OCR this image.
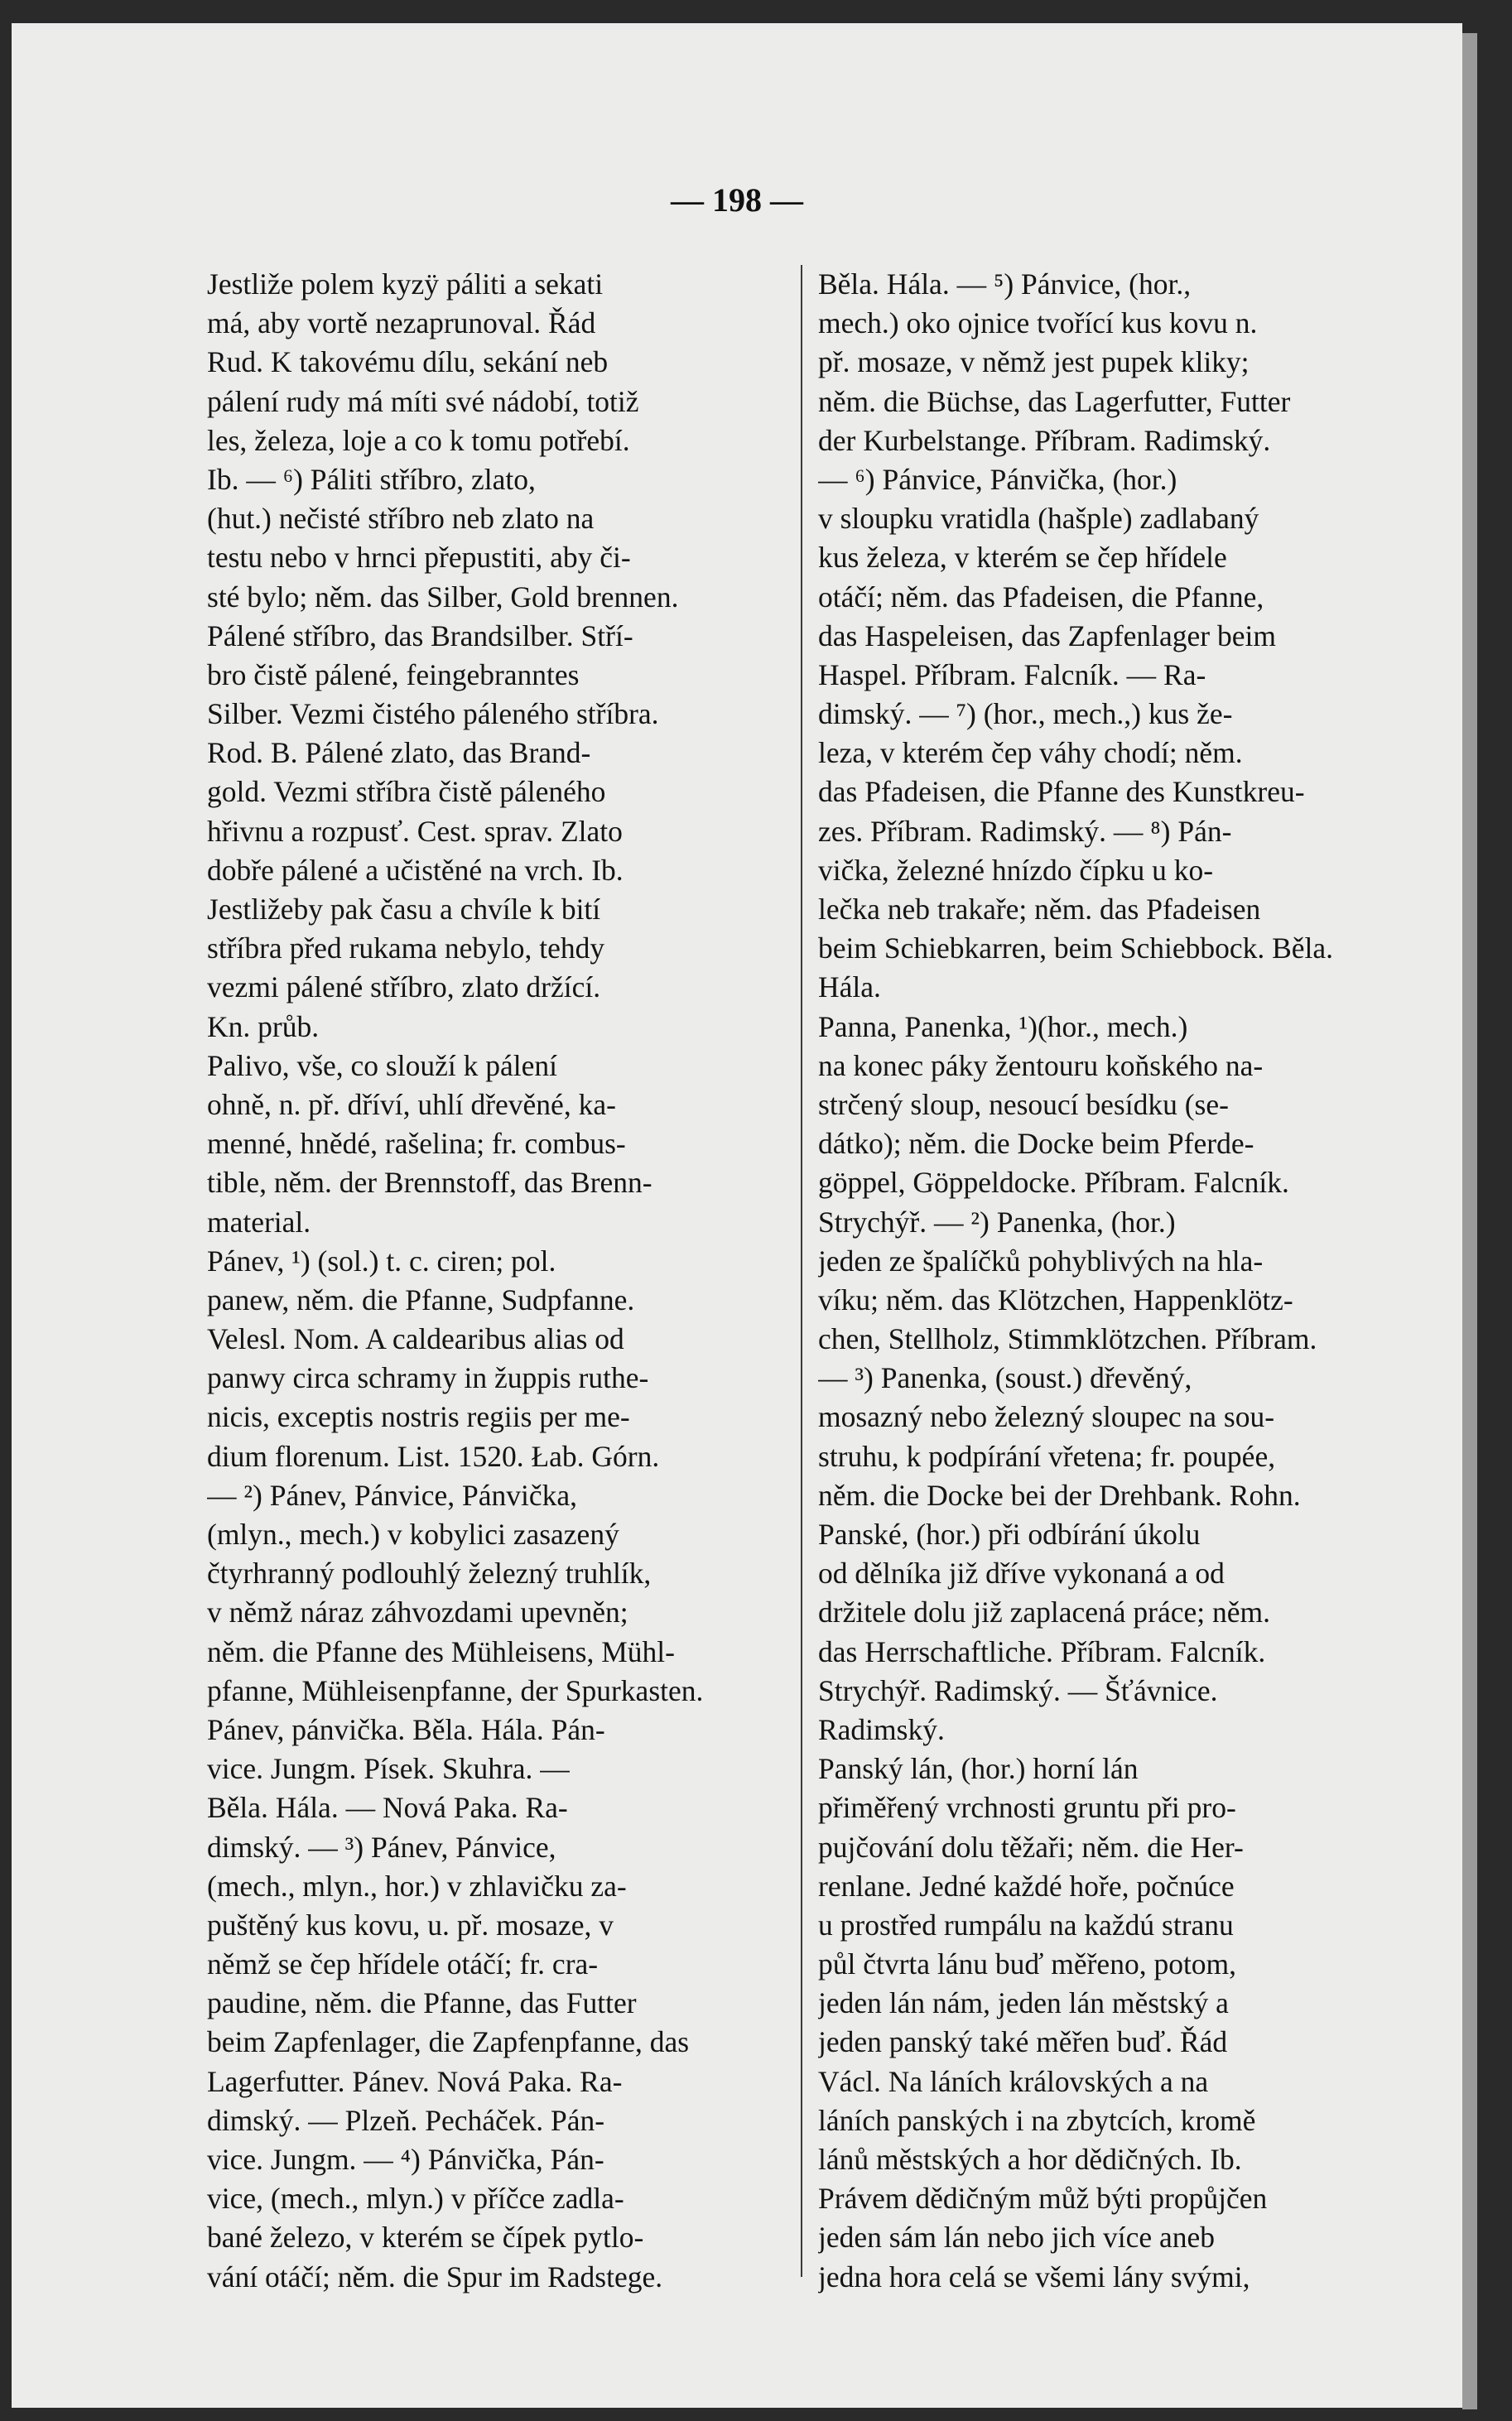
— 198 —
Jestliže polem kyzÿ páliti a sekati
má, aby vortě nezaprunoval. Řád
Rud. K takovému dílu, sekání neb
pálení rudy má míti své nádobí, totiž
les, železa, loje a co k tomu potřebí.
Ib. — ⁶) Páliti stříbro, zlato,
(hut.) nečisté stříbro neb zlato na
testu nebo v hrnci přepustiti, aby či-
sté bylo; něm. das Silber, Gold brennen.
Pálené stříbro, das Brandsilber. Stří-
bro čistě pálené, feingebranntes
Silber. Vezmi čistého páleného stříbra.
Rod. B. Pálené zlato, das Brand-
gold. Vezmi stříbra čistě páleného
hřivnu a rozpusť. Cest. sprav. Zlato
dobře pálené a učistěné na vrch. Ib.
Jestližeby pak času a chvíle k bití
stříbra před rukama nebylo, tehdy
vezmi pálené stříbro, zlato držící.
Kn. průb.
Palivo, vše, co slouží k pálení
ohně, n. př. dříví, uhlí dřevěné, ka-
menné, hnědé, rašelina; fr. combus-
tible, něm. der Brennstoff, das Brenn-
material.
Pánev, ¹) (sol.) t. c. ciren; pol.
panew, něm. die Pfanne, Sudpfanne.
Velesl. Nom. A caldearibus alias od
panwy circa schramy in župpis ruthe-
nicis, exceptis nostris regiis per me-
dium florenum. List. 1520. Łab. Górn.
— ²) Pánev, Pánvice, Pánvička,
(mlyn., mech.) v kobylici zasazený
čtyrhranný podlouhlý železný truhlík,
v němž náraz záhvozdami upevněn;
něm. die Pfanne des Mühleisens, Mühl-
pfanne, Mühleisenpfanne, der Spurkasten.
Pánev, pánvička. Běla. Hála. Pán-
vice. Jungm. Písek. Skuhra. —
Běla. Hála. — Nová Paka. Ra-
dimský. — ³) Pánev, Pánvice,
(mech., mlyn., hor.) v zhlavičku za-
puštěný kus kovu, u. př. mosaze, v
němž se čep hřídele otáčí; fr. cra-
paudine, něm. die Pfanne, das Futter
beim Zapfenlager, die Zapfenpfanne, das
Lagerfutter. Pánev. Nová Paka. Ra-
dimský. — Plzeň. Pecháček. Pán-
vice. Jungm. — ⁴) Pánvička, Pán-
vice, (mech., mlyn.) v příčce zadla-
bané železo, v kterém se čípek pytlo-
vání otáčí; něm. die Spur im Radstege.
Běla. Hála. — ⁵) Pánvice, (hor.,
mech.) oko ojnice tvořící kus kovu n.
př. mosaze, v němž jest pupek kliky;
něm. die Büchse, das Lagerfutter, Futter
der Kurbelstange. Příbram. Radimský.
— ⁶) Pánvice, Pánvička, (hor.)
v sloupku vratidla (hašple) zadlabaný
kus železa, v kterém se čep hřídele
otáčí; něm. das Pfadeisen, die Pfanne,
das Haspeleisen, das Zapfenlager beim
Haspel. Příbram. Falcník. — Ra-
dimský. — ⁷) (hor., mech.,) kus že-
leza, v kterém čep váhy chodí; něm.
das Pfadeisen, die Pfanne des Kunstkreu-
zes. Příbram. Radimský. — ⁸) Pán-
vička, železné hnízdo čípku u ko-
lečka neb trakaře; něm. das Pfadeisen
beim Schiebkarren, beim Schiebbock. Běla.
Hála.
Panna, Panenka, ¹)(hor., mech.)
na konec páky žentouru koňského na-
strčený sloup, nesoucí besídku (se-
dátko); něm. die Docke beim Pferde-
göppel, Göppeldocke. Příbram. Falcník.
Strychýř. — ²) Panenka, (hor.)
jeden ze špalíčků pohyblivých na hla-
víku; něm. das Klötzchen, Happenklötz-
chen, Stellholz, Stimmklötzchen. Příbram.
— ³) Panenka, (soust.) dřevěný,
mosazný nebo železný sloupec na sou-
struhu, k podpírání vřetena; fr. poupée,
něm. die Docke bei der Drehbank. Rohn.
Panské, (hor.) při odbírání úkolu
od dělníka již dříve vykonaná a od
držitele dolu již zaplacená práce; něm.
das Herrschaftliche. Příbram. Falcník.
Strychýř. Radimský. — Šťávnice.
Radimský.
Panský lán, (hor.) horní lán
přiměřený vrchnosti gruntu při pro-
pujčování dolu těžaři; něm. die Her-
renlane. Jedné každé hoře, počnúce
u prostřed rumpálu na každú stranu
půl čtvrta lánu buď měřeno, potom,
jeden lán nám, jeden lán městský a
jeden panský také měřen buď. Řád
Václ. Na láních královských a na
láních panských i na zbytcích, kromě
lánů městských a hor dědičných. Ib.
Právem dědičným můž býti propůjčen
jeden sám lán nebo jich více aneb
jedna hora celá se všemi lány svými,
